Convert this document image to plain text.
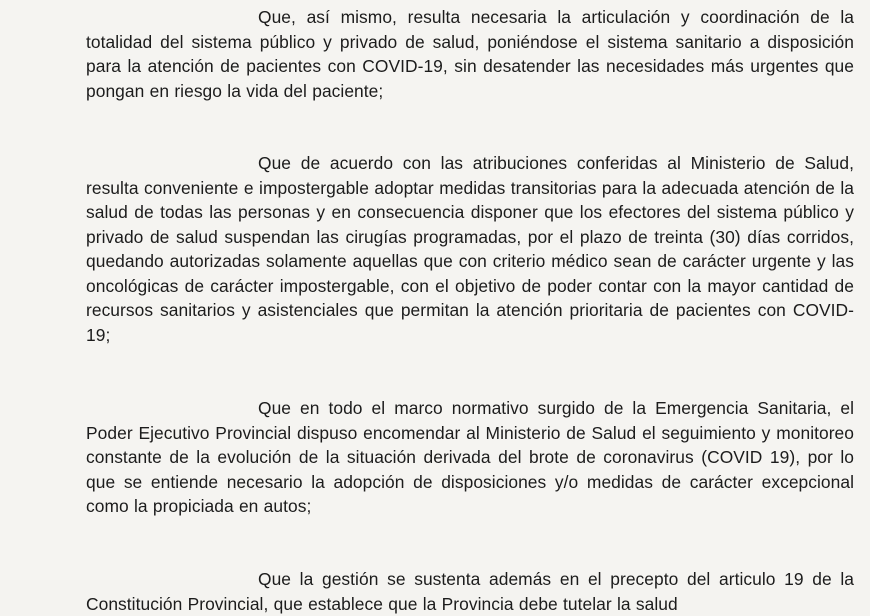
Que, así mismo, resulta necesaria la articulación y coordinación de la totalidad del sistema público y privado de salud, poniéndose el sistema sanitario a disposición para la atención de pacientes con COVID-19, sin desatender las necesidades más urgentes que pongan en riesgo la vida del paciente;

Que de acuerdo con las atribuciones conferidas al Ministerio de Salud, resulta conveniente e impostergable adoptar medidas transitorias para la adecuada atención de la salud de todas las personas y en consecuencia disponer que los efectores del sistema público y privado de salud suspendan las cirugías programadas, por el plazo de treinta (30) días corridos, quedando autorizadas solamente aquellas que con criterio médico sean de carácter urgente y las oncológicas de carácter impostergable, con el objetivo de poder contar con la mayor cantidad de recursos sanitarios y asistenciales que permitan la atención prioritaria de pacientes con COVID-19;

Que en todo el marco normativo surgido de la Emergencia Sanitaria, el Poder Ejecutivo Provincial dispuso encomendar al Ministerio de Salud el seguimiento y monitoreo constante de la evolución de la situación derivada del brote de coronavirus (COVID 19), por lo que se entiende necesario la adopción de disposiciones y/o medidas de carácter excepcional como la propiciada en autos;

Que la gestión se sustenta además en el precepto del articulo 19 de la Constitución Provincial, que establece que la Provincia debe tutelar la salud
